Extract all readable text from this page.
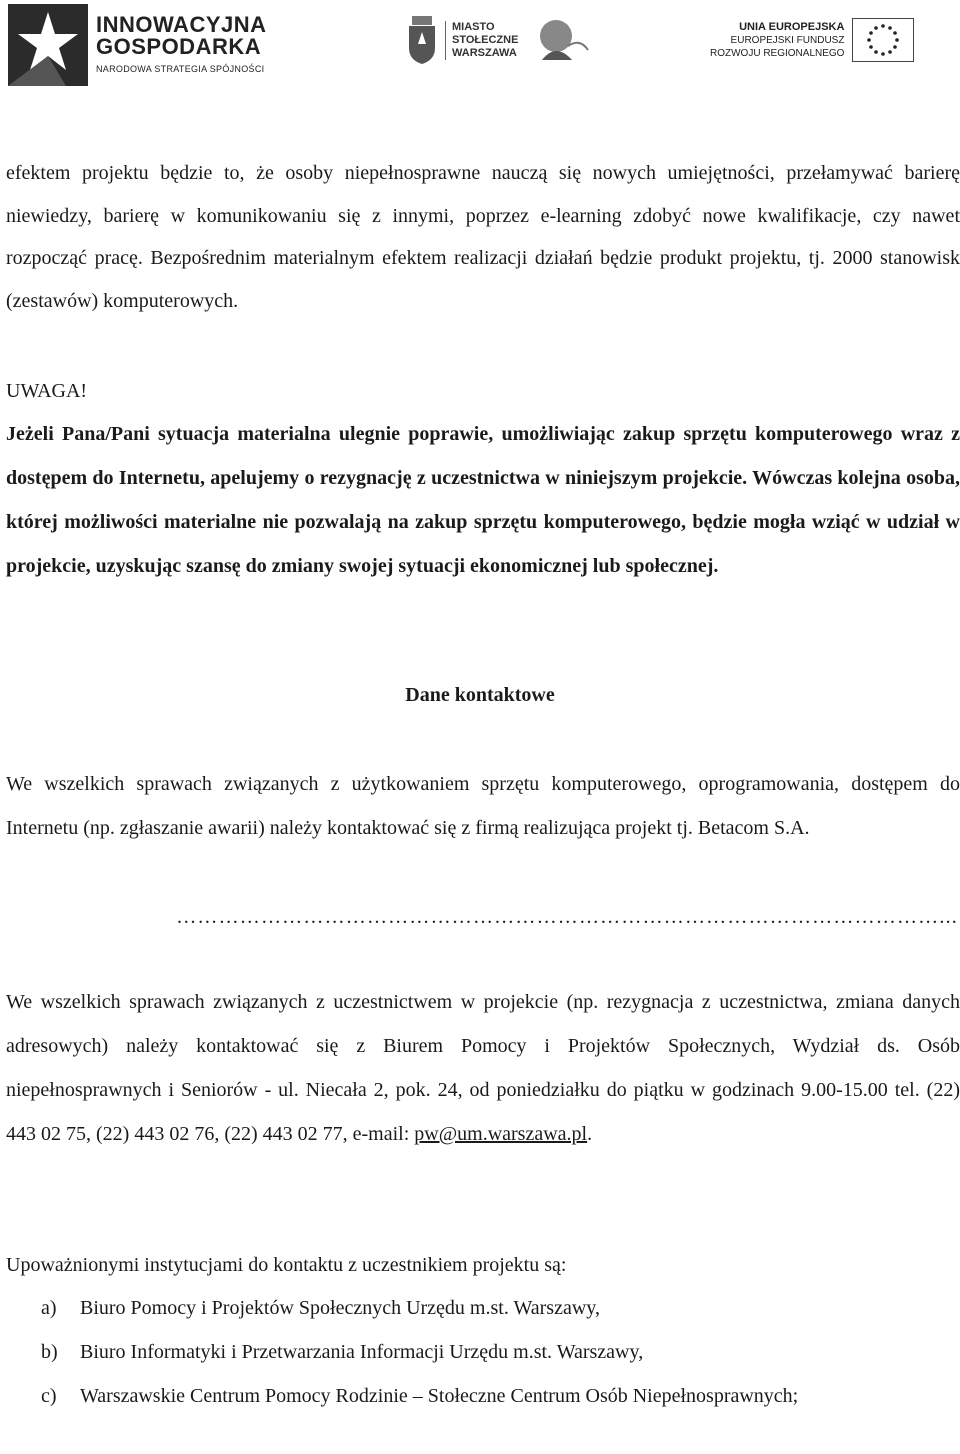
INNOWACYJNA
GOSPODARKA
NARODOWA STRATEGIA SPÓJNOŚCI
MIASTO
STOŁECZNE
WARSZAWA
UNIA EUROPEJSKA
EUROPEJSKI FUNDUSZ
ROZWOJU REGIONALNEGO

efektem projektu będzie to, że osoby niepełnosprawne nauczą się nowych umiejętności, przełamywać barierę niewiedzy, barierę w komunikowaniu się z innymi, poprzez e-learning zdobyć nowe kwalifikacje, czy nawet rozpocząć pracę. Bezpośrednim materialnym efektem realizacji działań będzie produkt projektu, tj. 2000 stanowisk (zestawów) komputerowych.

UWAGA!

Jeżeli Pana/Pani sytuacja materialna ulegnie poprawie, umożliwiając zakup sprzętu komputerowego wraz z dostępem do Internetu, apelujemy o rezygnację z uczestnictwa w niniejszym projekcie. Wówczas kolejna osoba, której możliwości materialne nie pozwalają na zakup sprzętu komputerowego, będzie mogła wziąć w udział w projekcie, uzyskując szansę do zmiany swojej sytuacji ekonomicznej lub społecznej.

Dane kontaktowe

We wszelkich sprawach związanych z użytkowaniem sprzętu komputerowego, oprogramowania, dostępem do Internetu (np. zgłaszanie awarii) należy kontaktować się z firmą realizująca projekt tj. Betacom S.A.

………………………………………………………………………………………………...

We wszelkich sprawach związanych z uczestnictwem w projekcie (np. rezygnacja z uczestnictwa, zmiana danych adresowych) należy kontaktować się z Biurem Pomocy i Projektów Społecznych, Wydział ds. Osób niepełnosprawnych i Seniorów - ul. Niecała 2, pok. 24, od poniedziałku do piątku w godzinach 9.00-15.00 tel. (22) 443 02 75, (22) 443 02 76, (22) 443 02 77, e-mail: pw@um.warszawa.pl.

Upoważnionymi instytucjami do kontaktu z uczestnikiem projektu są:

a)	Biuro Pomocy i Projektów Społecznych Urzędu m.st. Warszawy,
b)	Biuro Informatyki i Przetwarzania Informacji Urzędu m.st. Warszawy,
c)	Warszawskie Centrum Pomocy Rodzinie – Stołeczne Centrum Osób Niepełnosprawnych;
